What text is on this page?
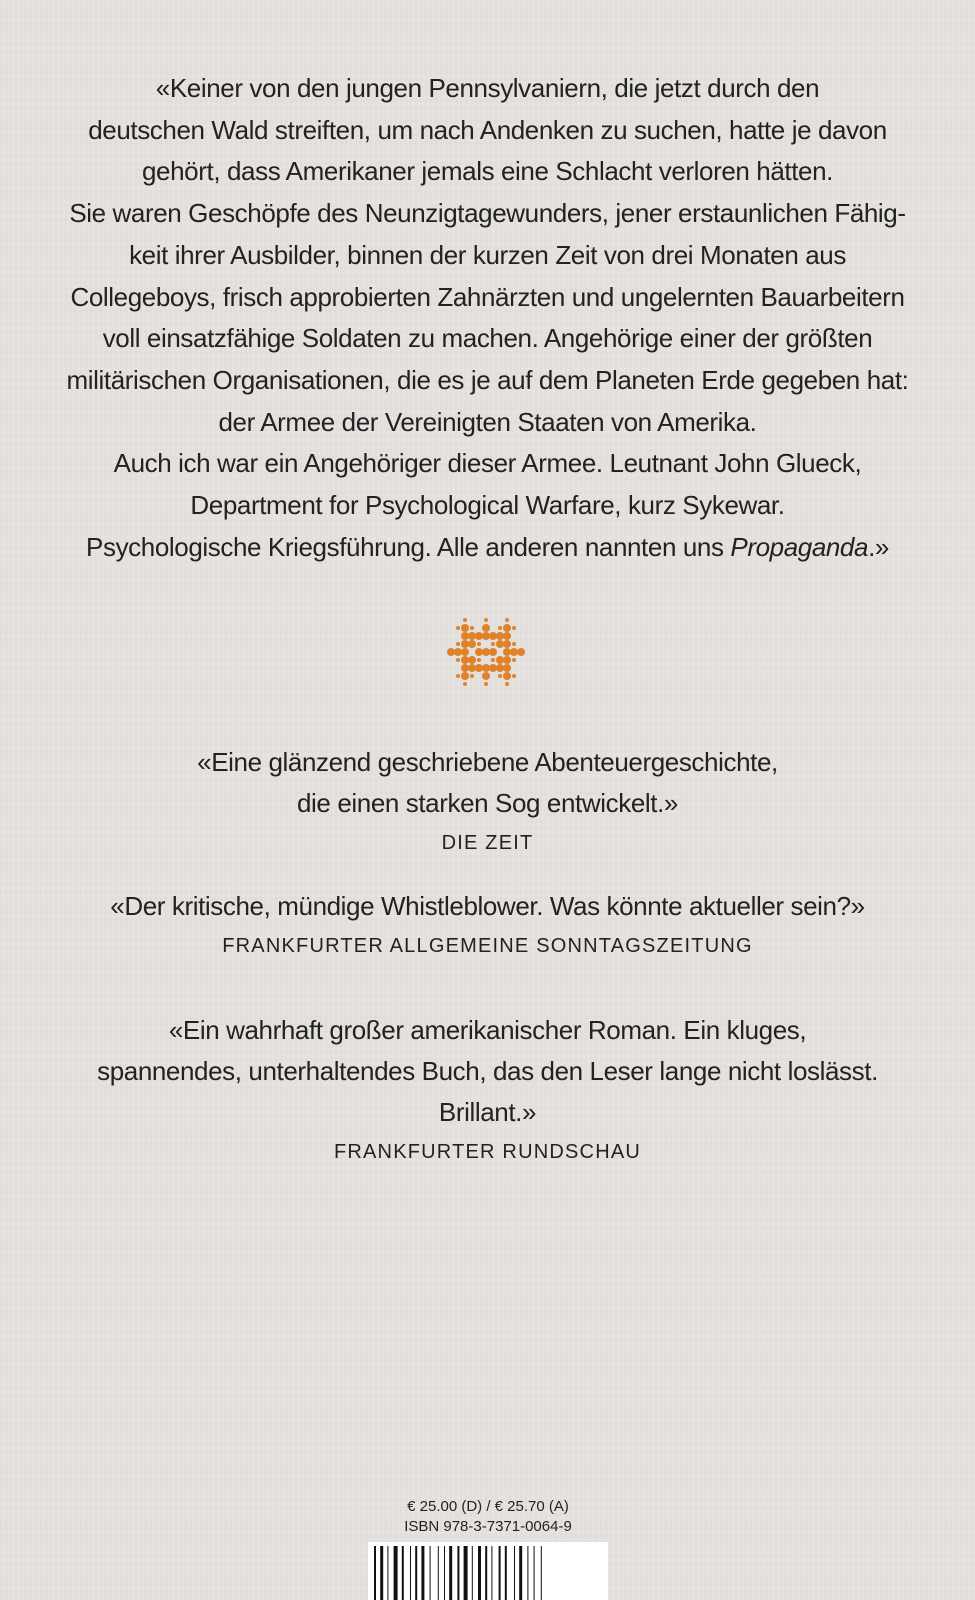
«Keiner von den jungen Pennsylvaniern, die jetzt durch den
deutschen Wald streiften, um nach Andenken zu suchen, hatte je davon
gehört, dass Amerikaner jemals eine Schlacht verloren hätten.
Sie waren Geschöpfe des Neunzigtagewunders, jener erstaunlichen Fähig-
keit ihrer Ausbilder, binnen der kurzen Zeit von drei Monaten aus
Collegeboys, frisch approbierten Zahnärzten und ungelernten Bauarbeitern
voll einsatzfähige Soldaten zu machen. Angehörige einer der größten
militärischen Organisationen, die es je auf dem Planeten Erde gegeben hat:
der Armee der Vereinigten Staaten von Amerika.
Auch ich war ein Angehöriger dieser Armee. Leutnant John Glueck,
Department for Psychological Warfare, kurz Sykewar.
Psychologische Kriegsführung. Alle anderen nannten uns Propaganda.»
«Eine glänzend geschriebene Abenteuergeschichte,
die einen starken Sog entwickelt.»
DIE ZEIT
«Der kritische, mündige Whistleblower. Was könnte aktueller sein?»
FRANKFURTER ALLGEMEINE SONNTAGSZEITUNG
«Ein wahrhaft großer amerikanischer Roman. Ein kluges,
spannendes, unterhaltendes Buch, das den Leser lange nicht loslässt.
Brillant.»
FRANKFURTER RUNDSCHAU
€ 25.00 (D) / € 25.70 (A)
ISBN 978-3-7371-0064-9
